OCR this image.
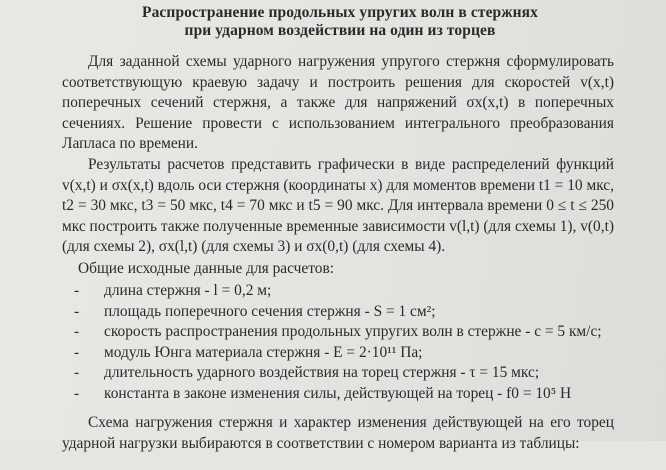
Распространение продольных упругих волн в стержнях
при ударном воздействии на один из торцев

Для заданной схемы ударного нагружения упругого стержня сформулировать соответствующую краевую задачу и построить решения для скоростей v(x,t) поперечных сечений стержня, а также для напряжений σx(x,t) в поперечных сечениях. Решение провести с использованием интегрального преобразования Лапласа по времени.

Результаты расчетов представить графически в виде распределений функций v(x,t) и σx(x,t) вдоль оси стержня (координаты x) для моментов времени t1 = 10 мкс, t2 = 30 мкс, t3 = 50 мкс, t4 = 70 мкс и t5 = 90 мкс. Для интервала времени 0 ≤ t ≤ 250 мкс построить также полученные временные зависимости v(l,t) (для схемы 1), v(0,t) (для схемы 2), σx(l,t) (для схемы 3) и σx(0,t) (для схемы 4).

Общие исходные данные для расчетов:
- длина стержня - l = 0,2 м;
- площадь поперечного сечения стержня - S = 1 см²;
- скорость распространения продольных упругих волн в стержне - c = 5 км/с;
- модуль Юнга материала стержня - E = 2·10¹¹ Па;
- длительность ударного воздействия на торец стержня - τ = 15 мкс;
- константа в законе изменения силы, действующей на торец - f0 = 10⁵ Н

Схема нагружения стержня и характер изменения действующей на его торец ударной нагрузки выбираются в соответствии с номером варианта из таблицы:
